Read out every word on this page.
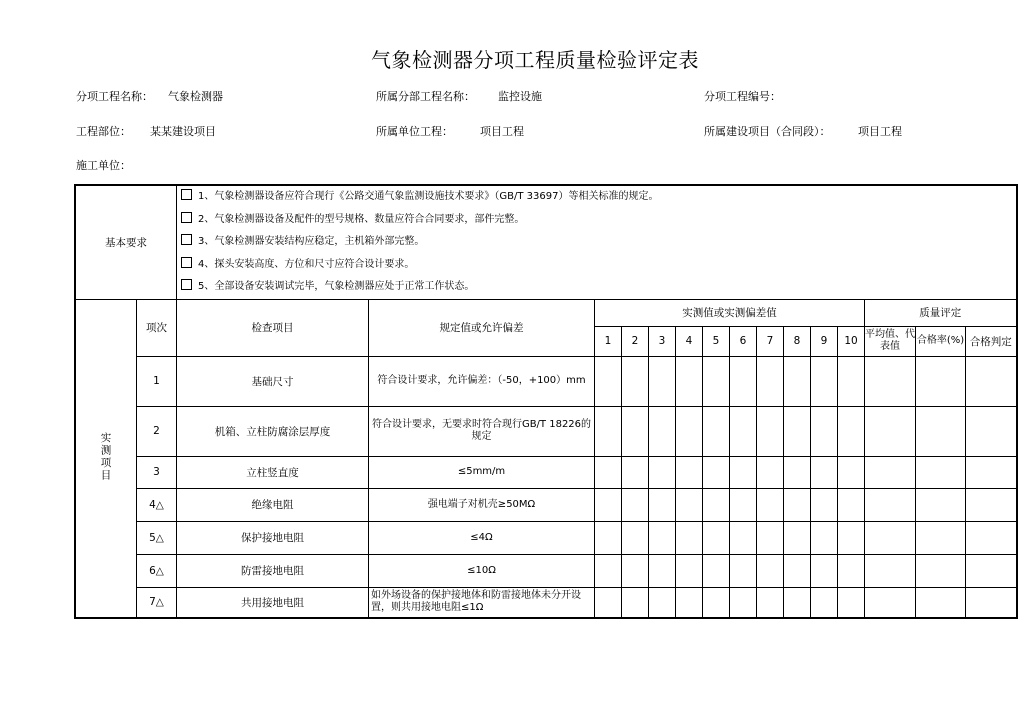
气象检测器分项工程质量检验评定表
分项工程名称： 气象检测器	所属分部工程名称： 监控设施	分项工程编号：
工程部位： 某某建设项目	所属单位工程： 项目工程	所属建设项目（合同段）：	项目工程
施工单位：
基本要求		1、气象检测器设备应符合现行《公路交通气象监测设施技术要求》（GB/T 33697）等相关标准的规定。
2、气象检测器设备及配件的型号规格、数量应符合合同要求，部件完整。
3、气象检测器安装结构应稳定，主机箱外部完整。
4、探头安装高度、方位和尺寸应符合设计要求。
5、全部设备安装调试完毕，气象检测器应处于正常工作状态。														

实测项目	项次	检查项目	规定值或允许偏差	实测值或实测偏差值										质量评定		
				1	2	3	4	5	6	7	8	9	10	平均值、代表值	合格率(%)	合格判定
	1	基础尺寸	符合设计要求，允许偏差：（-50，+100）mm													
	2	机箱、立柱防腐涂层厚度	符合设计要求，无要求时符合现行GB/T 18226的规定													
	3	立柱竖直度	≤5mm/m													
	4△	绝缘电阻	强电端子对机壳≥50MΩ													
	5△	保护接地电阻	≤4Ω													
	6△	防雷接地电阻	≤10Ω													
	7△	共用接地电阻	如外场设备的保护接地体和防雷接地体未分开设置，则共用接地电阻≤1Ω													
